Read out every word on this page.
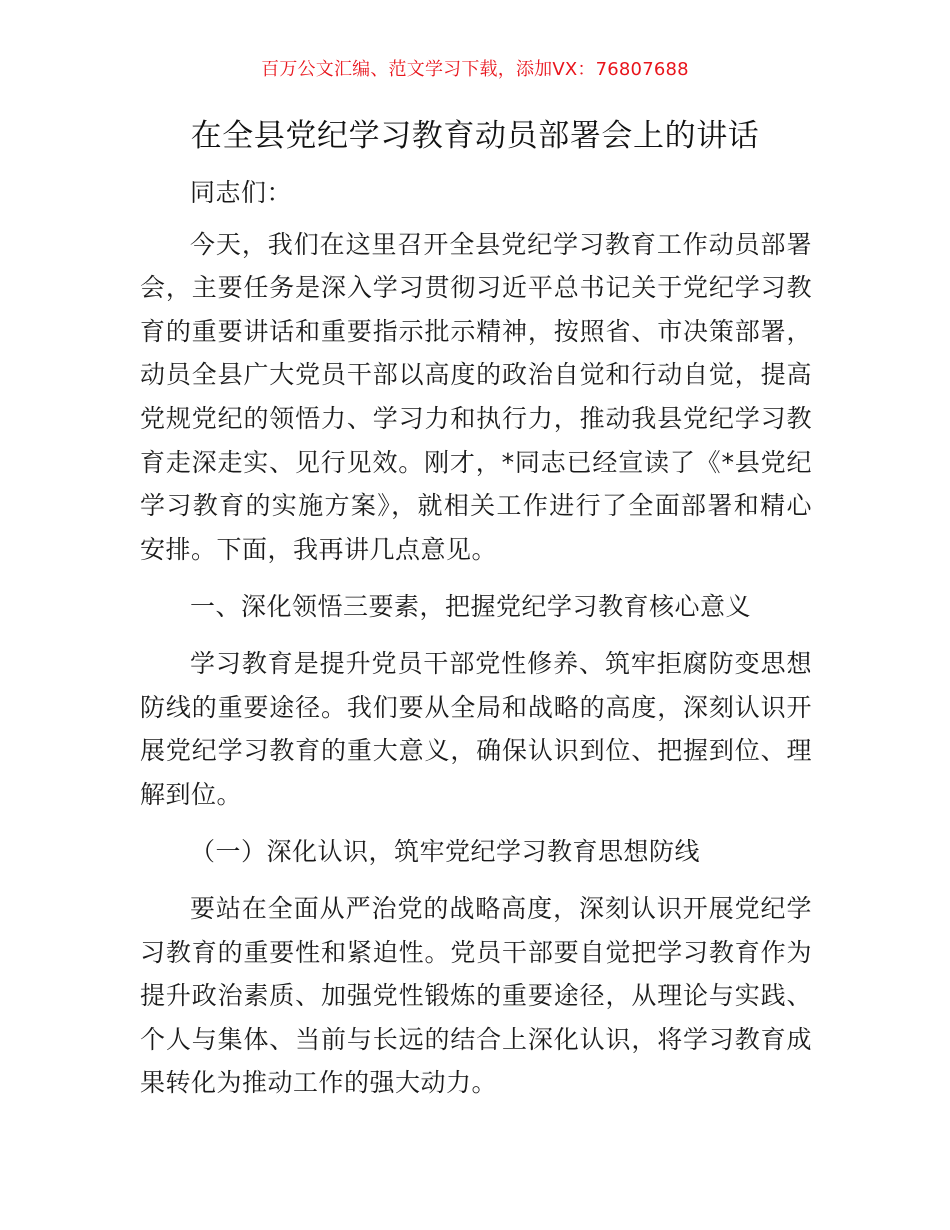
百万公文汇编、范文学习下载，添加VX：76807688
在全县党纪学习教育动员部署会上的讲话

同志们：

今天，我们在这里召开全县党纪学习教育工作动员部署会，主要任务是深入学习贯彻习近平总书记关于党纪学习教育的重要讲话和重要指示批示精神，按照省、市决策部署，动员全县广大党员干部以高度的政治自觉和行动自觉，提高党规党纪的领悟力、学习力和执行力，推动我县党纪学习教育走深走实、见行见效。刚才，*同志已经宣读了《*县党纪学习教育的实施方案》，就相关工作进行了全面部署和精心安排。下面，我再讲几点意见。

一、深化领悟三要素，把握党纪学习教育核心意义

学习教育是提升党员干部党性修养、筑牢拒腐防变思想防线的重要途径。我们要从全局和战略的高度，深刻认识开展党纪学习教育的重大意义，确保认识到位、把握到位、理解到位。

（一）深化认识，筑牢党纪学习教育思想防线

要站在全面从严治党的战略高度，深刻认识开展党纪学习教育的重要性和紧迫性。党员干部要自觉把学习教育作为提升政治素质、加强党性锻炼的重要途径，从理论与实践、个人与集体、当前与长远的结合上深化认识，将学习教育成果转化为推动工作的强大动力。
